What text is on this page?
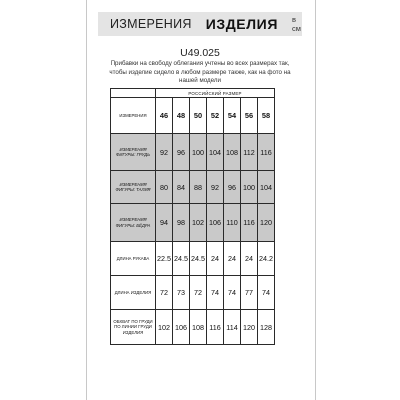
ИЗМЕРЕНИЯ ИЗДЕЛИЯ в см
U49.025
Прибавки на свободу облегания учтены во всех размерах так,
чтобы изделие сидело в любом размере также, как на фото на
нашей модели
	РОССИЙСКИЙ РАЗМЕР						
ИЗМЕРЕНИЯ	46	48	50	52	54	56	58
ИЗМЕРЕНИЯ ФИГУРЫ: ГРУДЬ	92	96	100	104	108	112	116
ИЗМЕРЕНИЯ ФИГУРЫ: ТАЛИЯ	80	84	88	92	96	100	104
ИЗМЕРЕНИЯ ФИГУРЫ: БЁДРА	94	98	102	106	110	116	120
ДЛИНА РУКАВА	22.5	24.5	24.5	24	24	24	24.2
ДЛИНА ИЗДЕЛИЯ	72	73	72	74	74	77	74
ОБХВАТ ПО ГРУДИ ПО ЛИНИИ ГРУДИ ИЗДЕЛИЯ	102	106	108	116	114	120	128
